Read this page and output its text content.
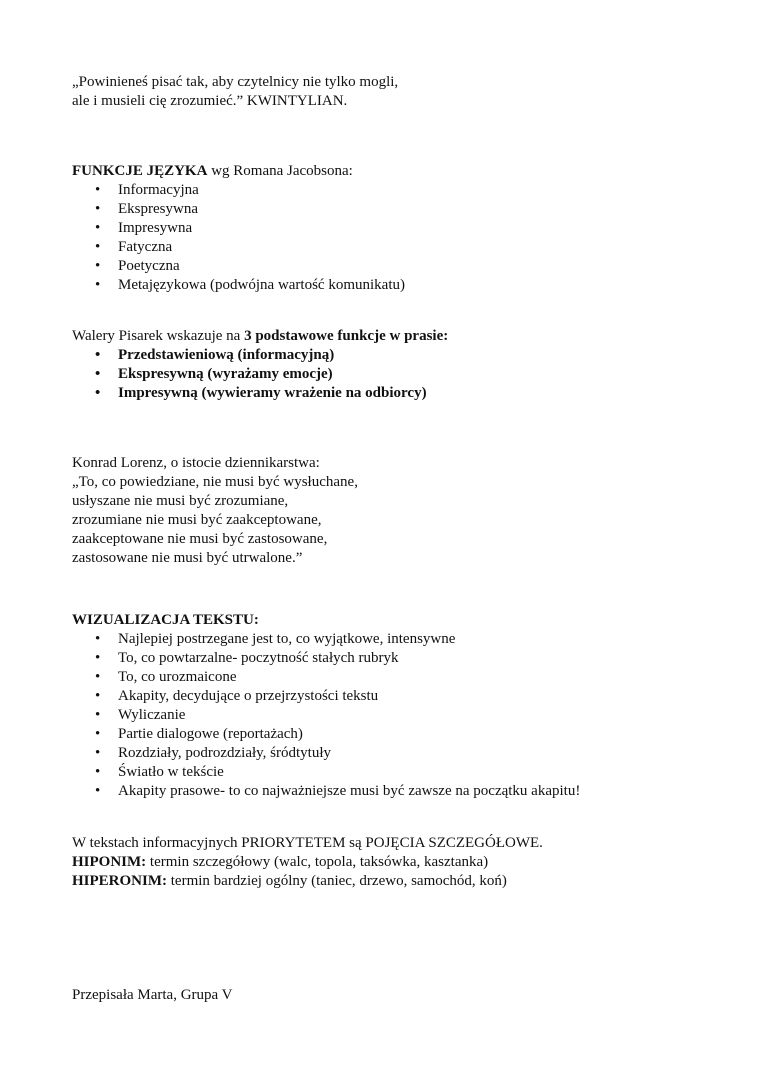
„Powinieneś pisać tak, aby czytelnicy nie tylko mogli,
ale i musieli cię zrozumieć.” KWINTYLIAN.
FUNKCJE JĘZYKA wg Romana Jacobsona:
• Informacyjna
• Ekspresywna
• Impresywna
• Fatyczna
• Poetyczna
• Metajęzykowa (podwójna wartość komunikatu)
Walery Pisarek wskazuje na 3 podstawowe funkcje w prasie:
• Przedstawieniową (informacyjną)
• Ekspresywną (wyrażamy emocje)
• Impresywną (wywieramy wrażenie na odbiorcy)
Konrad Lorenz, o istocie dziennikarstwa:
„To, co powiedziane, nie musi być wysłuchane,
usłyszane nie musi być zrozumiane,
zrozumiane nie musi być zaakceptowane,
zaakceptowane nie musi być zastosowane,
zastosowane nie musi być utrwalone.”
WIZUALIZACJA TEKSTU:
• Najlepiej postrzegane jest to, co wyjątkowe, intensywne
• To, co powtarzalne- poczytność stałych rubryk
• To, co urozmaicone
• Akapity, decydujące o przejrzystości tekstu
• Wyliczanie
• Partie dialogowe (reportażach)
• Rozdziały, podrozdziały, śródtytuły
• Światło w tekście
• Akapity prasowe- to co najważniejsze musi być zawsze na początku akapitu!
W tekstach informacyjnych PRIORYTETEM są POJĘCIA SZCZEGÓŁOWE.
HIPONIM: termin szczegółowy (walc, topola, taksówka, kasztanka)
HIPERONIM: termin bardziej ogólny (taniec, drzewo, samochód, koń)
Przepisała Marta, Grupa V
